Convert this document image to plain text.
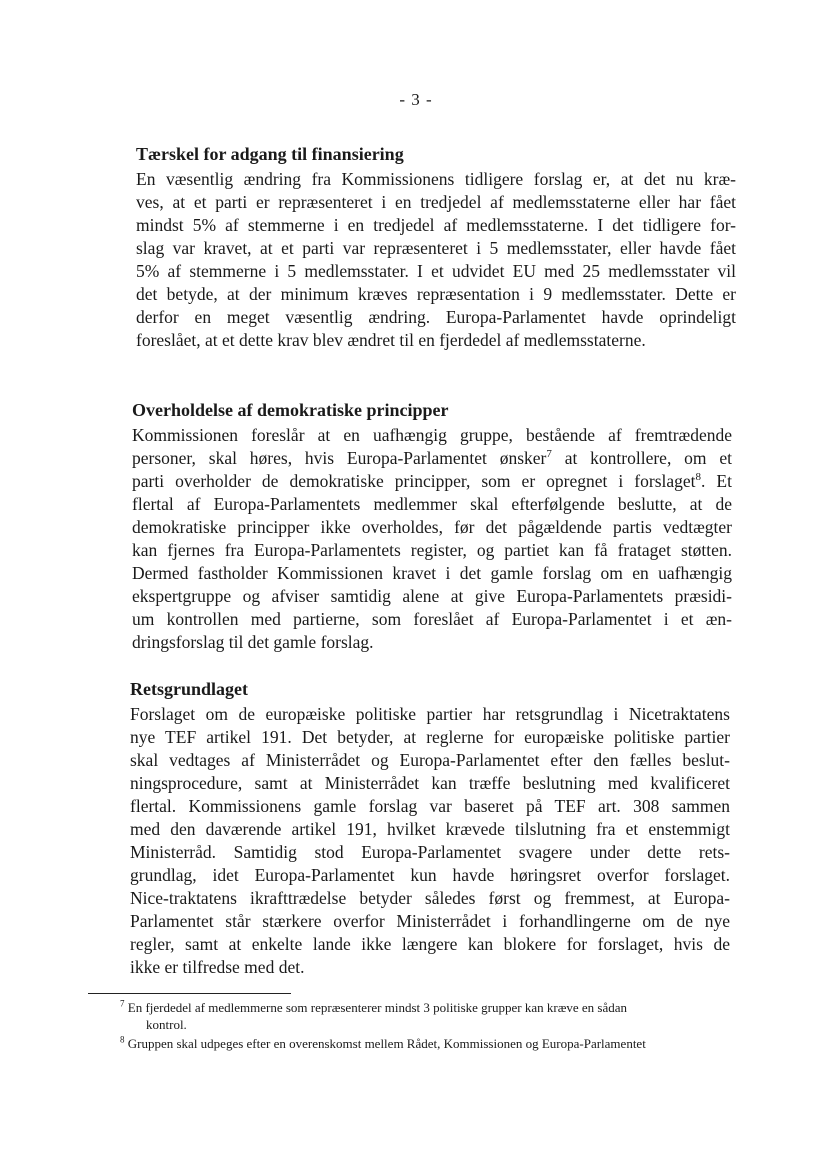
- 3 -
Tærskel for adgang til finansiering
En væsentlig ændring fra Kommissionens tidligere forslag er, at det nu kræ-
ves, at et parti er repræsenteret i en tredjedel af medlemsstaterne eller har fået
mindst 5% af stemmerne i en tredjedel af medlemsstaterne. I det tidligere for-
slag var kravet, at et parti var repræsenteret i 5 medlemsstater, eller havde fået
5% af stemmerne i 5 medlemsstater. I et udvidet EU med 25 medlemsstater vil
det betyde, at der minimum kræves repræsentation i 9 medlemsstater. Dette er
derfor en meget væsentlig ændring. Europa-Parlamentet havde oprindeligt
foreslået, at et dette krav blev ændret til en fjerdedel af medlemsstaterne.
Overholdelse af demokratiske principper
Kommissionen foreslår at en uafhængig gruppe, bestående af fremtrædende
personer, skal høres, hvis Europa-Parlamentet ønsker$^7$ at kontrollere, om et
parti overholder de demokratiske principper, som er opregnet i forslaget$^8$. Et
flertal af Europa-Parlamentets medlemmer skal efterfølgende beslutte, at de
demokratiske principper ikke overholdes, før det pågældende partis vedtægter
kan fjernes fra Europa-Parlamentets register, og partiet kan få frataget støtten.
Dermed fastholder Kommissionen kravet i det gamle forslag om en uafhængig
ekspertgruppe og afviser samtidig alene at give Europa-Parlamentets præsidi-
um kontrollen med partierne, som foreslået af Europa-Parlamentet i et æn-
dringsforslag til det gamle forslag.
Retsgrundlaget
Forslaget om de europæiske politiske partier har retsgrundlag i Nicetraktatens
nye TEF artikel 191. Det betyder, at reglerne for europæiske politiske partier
skal vedtages af Ministerrådet og Europa-Parlamentet efter den fælles beslut-
ningsprocedure, samt at Ministerrådet kan træffe beslutning med kvalificeret
flertal. Kommissionens gamle forslag var baseret på TEF art. 308 sammen
med den daværende artikel 191, hvilket krævede tilslutning fra et enstemmigt
Ministerråd. Samtidig stod Europa-Parlamentet svagere under dette rets-
grundlag, idet Europa-Parlamentet kun havde høringsret overfor forslaget.
Nice-traktatens ikrafttrædelse betyder således først og fremmest, at Europa-
Parlamentet står stærkere overfor Ministerrådet i forhandlingerne om de nye
regler, samt at enkelte lande ikke længere kan blokere for forslaget, hvis de
ikke er tilfredse med det.
$^7$ En fjerdedel af medlemmerne som repræsenterer mindst 3 politiske grupper kan kræve en sådan
kontrol.
$^8$ Gruppen skal udpeges efter en overenskomst mellem Rådet, Kommissionen og Europa-Parlamentet
